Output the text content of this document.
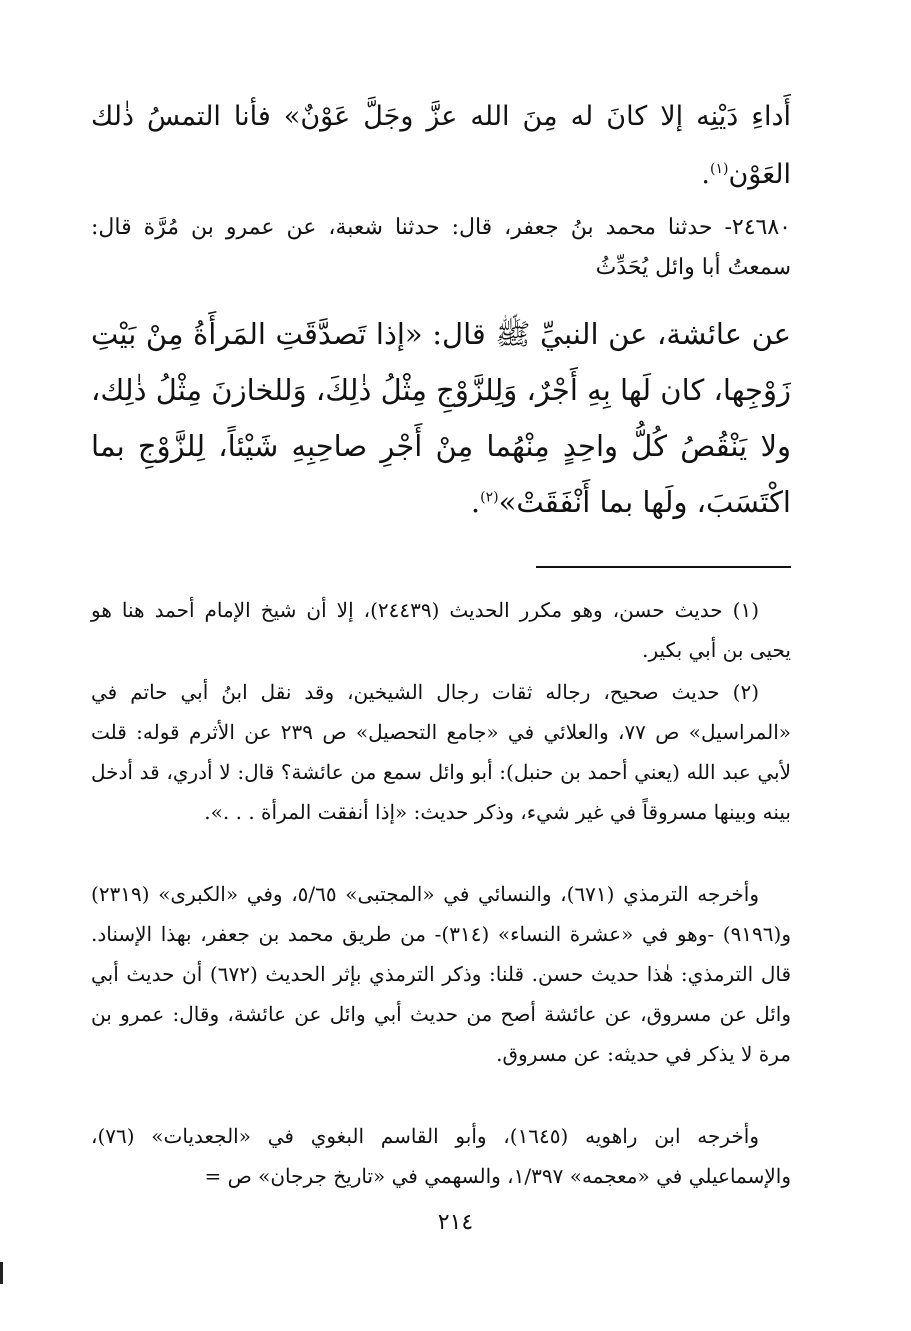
أَداءِ دَيْنِه إلا كانَ له مِنَ الله عزَّ وجَلَّ عَوْنٌ» فأنا التمسُ ذٰلك العَوْن$^{(١)}$.

٢٤٦٨٠- حدثنا محمد بنُ جعفر، قال: حدثنا شعبة، عن عمرو بن مُرَّة قال: سمعتُ أبا وائل يُحَدِّثُ

عن عائشة، عن النبيِّ ﷺ قال: «إذا تَصدَّقَتِ المَرأَةُ مِنْ بَيْتِ زَوْجِها، كان لَها بِهِ أَجْرٌ، وَلِلزَّوْجِ مِثْلُ ذٰلِكَ، وَللخازنَ مِثْلُ ذٰلِك، ولا يَنْقُصُ كُلُّ واحِدٍ مِنْهُما مِنْ أَجْرِ صاحِبِهِ شَيْئاً، لِلزَّوْجِ بما اكْتَسَبَ، ولَها بما أَنْفَقَتْ»$^{(٢)}$.

(١) حديث حسن، وهو مكرر الحديث (٢٤٤٣٩)، إلا أن شيخ الإمام أحمد هنا هو يحيى بن أبي بكير.

(٢) حديث صحيح، رجاله ثقات رجال الشيخين، وقد نقل ابنُ أبي حاتم في «المراسيل» ص ٧٧، والعلائي في «جامع التحصيل» ص ٢٣٩ عن الأثرم قوله: قلت لأبي عبد الله (يعني أحمد بن حنبل): أبو وائل سمع من عائشة؟ قال: لا أدري، قد أدخل بينه وبينها مسروقاً في غير شيء، وذكر حديث: «إذا أنفقت المرأة . . .».

وأخرجه الترمذي (٦٧١)، والنسائي في «المجتبى» ٥/٦٥، وفي «الكبرى» (٢٣١٩) و(٩١٩٦) -وهو في «عشرة النساء» (٣١٤)- من طريق محمد بن جعفر، بهذا الإسناد. قال الترمذي: هٰذا حديث حسن. قلنا: وذكر الترمذي بإثر الحديث (٦٧٢) أن حديث أبي وائل عن مسروق، عن عائشة أصح من حديث أبي وائل عن عائشة، وقال: عمرو بن مرة لا يذكر في حديثه: عن مسروق.

وأخرجه ابن راهويه (١٦٤٥)، وأبو القاسم البغوي في «الجعديات» (٧٦)، والإسماعيلي في «معجمه» ١/٣٩٧، والسهمي في «تاريخ جرجان» ص =

٢١٤
